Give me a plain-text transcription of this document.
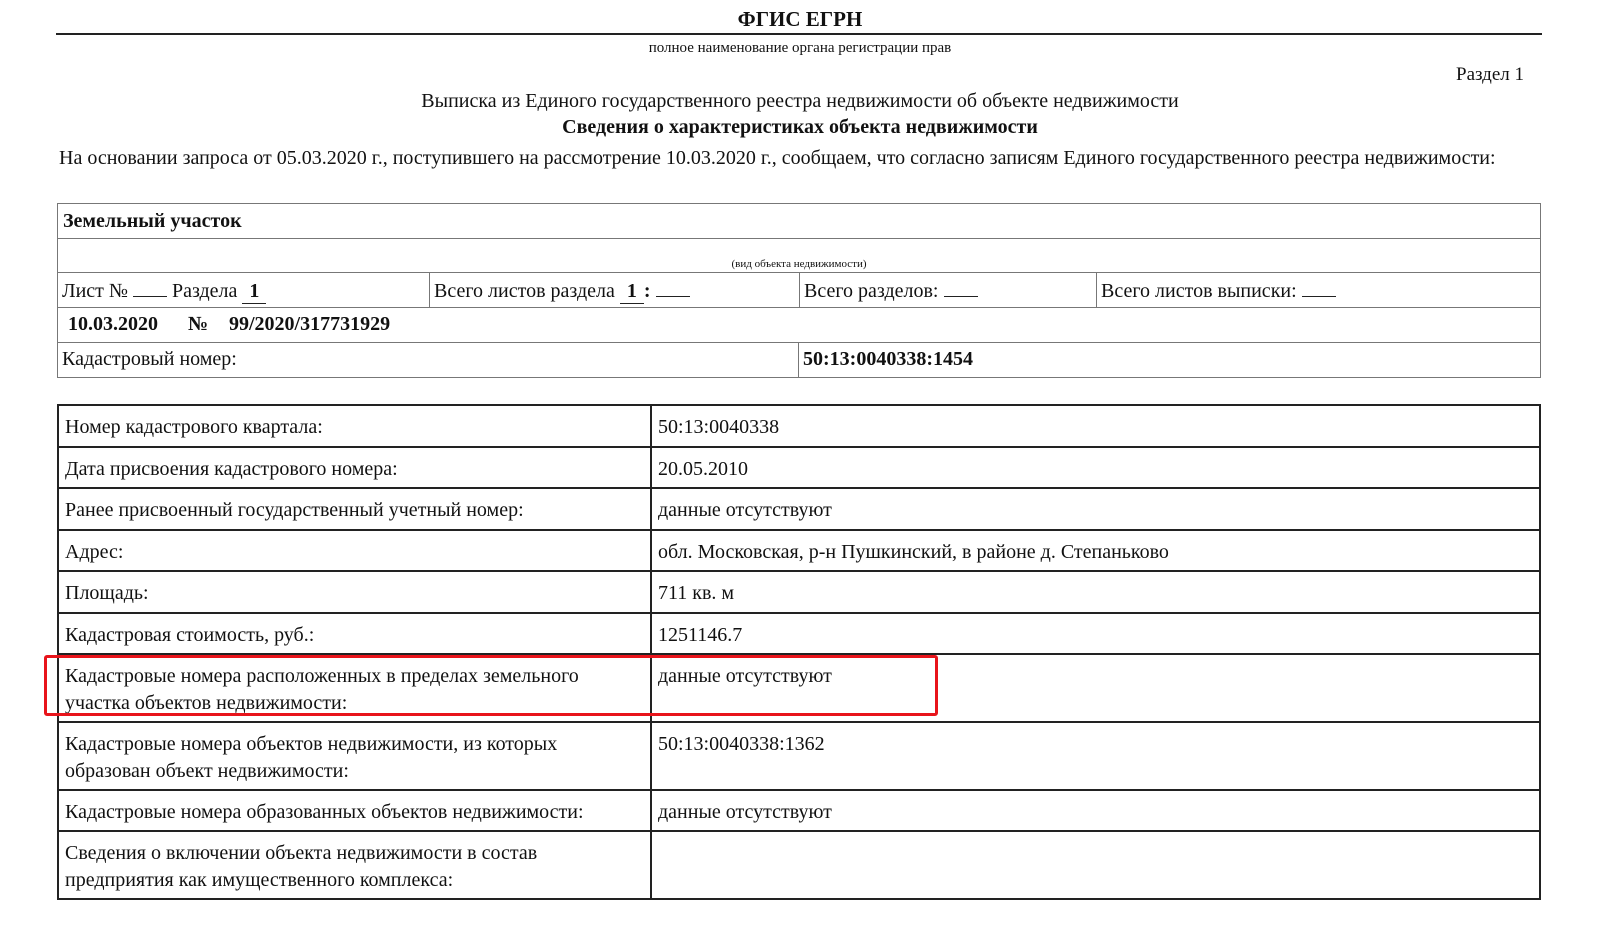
ФГИС ЕГРН
полное наименование органа регистрации прав
Раздел 1
Выписка из Единого государственного реестра недвижимости об объекте недвижимости
Сведения о характеристиках объекта недвижимости
На основании запроса от 05.03.2020 г., поступившего на рассмотрение 10.03.2020 г., сообщаем, что согласно записям Единого государственного реестра недвижимости:
Земельный участок
$_{(вид объекта недвижимости)}$
Лист № Раздела 1	Всего листов раздела 1 :	Всего разделов:	Всего листов выписки:
10.03.2020 № 99/2020/317731929
Кадастровый номер:	50:13:0040338:1454
Номер кадастрового квартала:	50:13:0040338
Дата присвоения кадастрового номера:	20.05.2010
Ранее присвоенный государственный учетный номер:	данные отсутствуют
Адрес:	обл. Московская, р-н Пушкинский, в районе д. Степаньково
Площадь:	711 кв. м
Кадастровая стоимость, руб.:	1251146.7
Кадастровые номера расположенных в пределах земельного участка объектов недвижимости:	данные отсутствуют
Кадастровые номера объектов недвижимости, из которых образован объект недвижимости:	50:13:0040338:1362
Кадастровые номера образованных объектов недвижимости:	данные отсутствуют
Сведения о включении объекта недвижимости в состав предприятия как имущественного комплекса:	
